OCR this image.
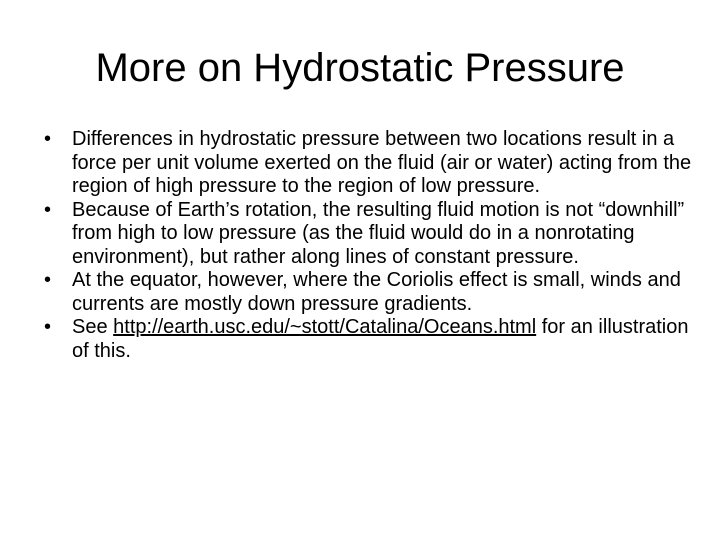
More on Hydrostatic Pressure
•	Differences in hydrostatic pressure between two locations result in a force per unit volume exerted on the fluid (air or water) acting from the region of high pressure to the region of low pressure.
•	Because of Earth’s rotation, the resulting fluid motion is not “downhill” from high to low pressure (as the fluid would do in a nonrotating environment), but rather along lines of constant pressure.
•	At the equator, however, where the Coriolis effect is small, winds and currents are mostly down pressure gradients.
•	See http://earth.usc.edu/~stott/Catalina/Oceans.html for an illustration of this.
